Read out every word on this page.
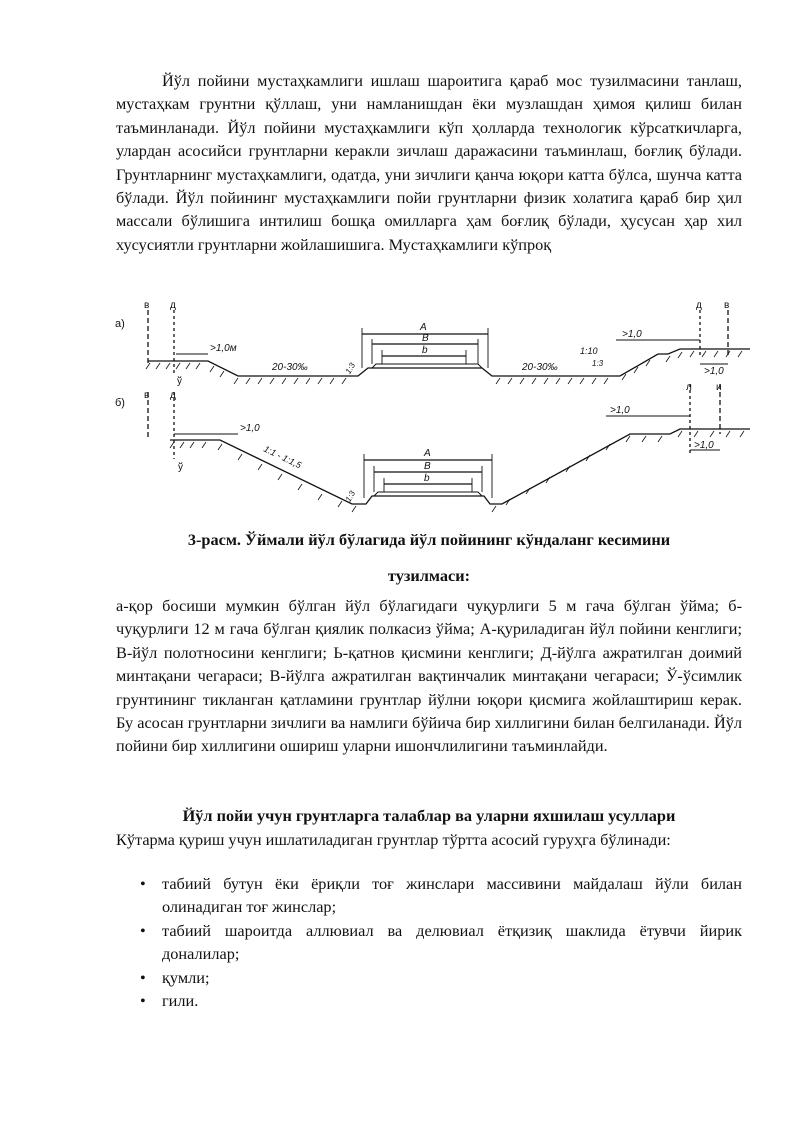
Йўл пойини мустаҳкамлиги ишлаш шароитига қараб мос тузилмасини танлаш, мустаҳкам грунтни қўллаш, уни намланишдан ёки музлашдан ҳимоя қилиш билан таъминланади. Йўл пойини мустаҳкамлиги кўп ҳолларда технологик кўрсаткичларга, улардан асосийси грунтларни керакли зичлаш даражасини таъминлаш, боғлиқ бўлади. Грунтларнинг мустаҳкамлиги, одатда, уни зичлиги қанча юқори катта бўлса, шунча катта бўлади. Йўл пойининг мустаҳкамлиги пойи грунтларни физик холатига қараб бир ҳил массали бўлишига интилиш бошқа омилларга ҳам боғлиқ бўлади, ҳусусан ҳар хил хусусиятли грунтларни жойлашишига. Мустаҳкамлиги кўпроқ

а)
б)
в д	д в
ў
A
B
b
>1,0м
20-30‰	1:3	20-30‰
1:10
1:3
>1,0
>1,0
в д
л и
ў
A
B
b
>1,0
1:1 - 1:1,5
1:3
>1,0
>1,0

3-расм. Ўймали йўл бўлагида йўл пойининг кўндаланг кесимини

тузилмаси:

а-қор босиши мумкин бўлган йўл бўлагидаги чуқурлиги 5 м гача бўлган ўйма; б-чуқурлиги 12 м гача бўлган қиялик полкасиз ўйма; А-қуриладиган йўл пойини кенглиги; В-йўл полотносини кенглиги; Ь-қатнов қисмини кенглиги; Д-йўлга ажратилган доимий минтақани чегараси; В-йўлга ажратилган вақтинчалик минтақани чегараси; Ў-ўсимлик грунтининг тикланган қатламини грунтлар йўлни юқори қисмига жойлаштириш керак. Бу асосан грунтларни зичлиги ва намлиги бўйича бир хиллигини билан белгиланади. Йўл пойини бир хиллигини ошириш уларни ишончлилигини таъминлайди.

Йўл пойи учун грунтларга талаблар ва уларни яхшилаш усуллари

Кўтарма қуриш учун ишлатиладиган грунтлар тўртта асосий гуруҳга бўлинади:

• табиий бутун ёки ёриқли тоғ жинслари массивини майдалаш йўли билан олинадиган тоғ жинслар;
• табиий шароитда аллювиал ва делювиал ётқизиқ шаклида ётувчи йирик доналилар;
• қумли;
• гили.
